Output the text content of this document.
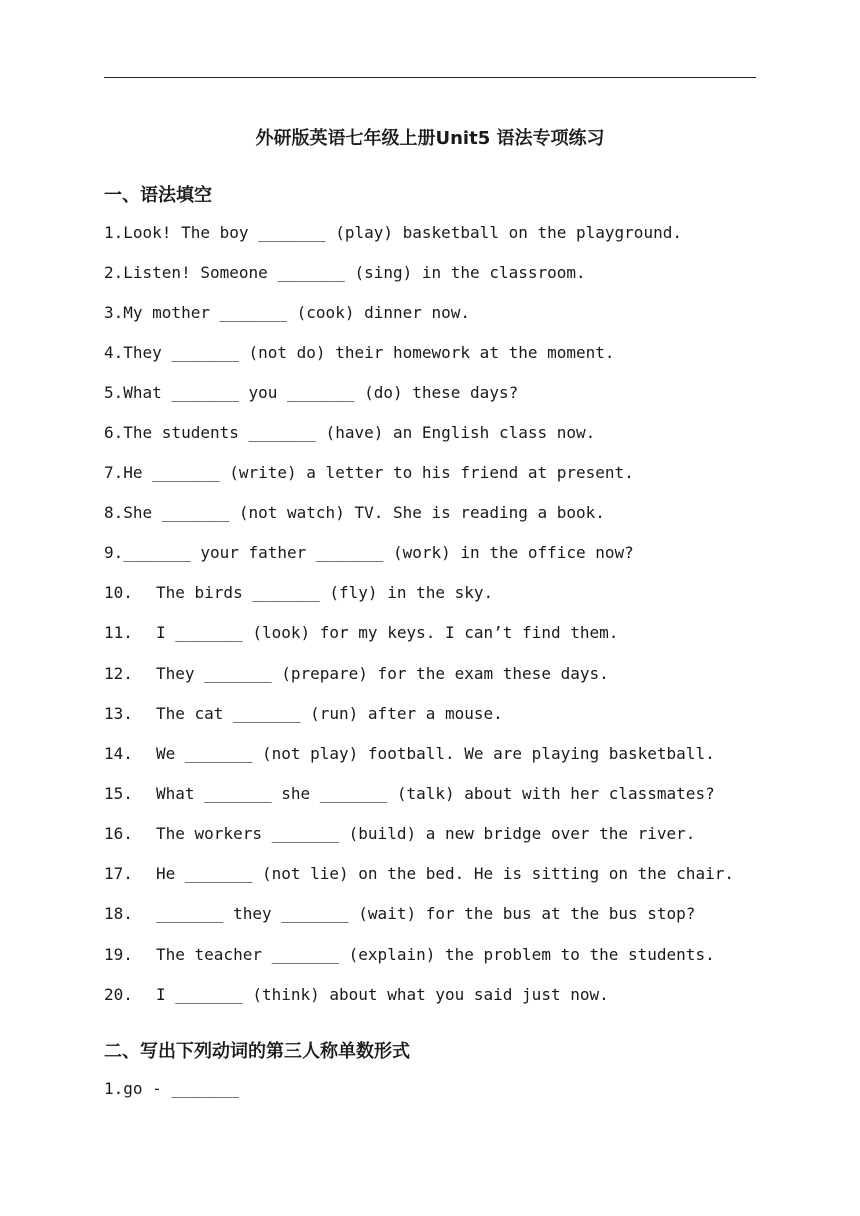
外研版英语七年级上册Unit5 语法专项练习
一、语法填空
1. Look! The boy _______ (play) basketball on the playground.
2. Listen! Someone _______ (sing) in the classroom.
3. My mother _______ (cook) dinner now.
4. They _______ (not do) their homework at the moment.
5. What _______ you _______ (do) these days?
6. The students _______ (have) an English class now.
7. He _______ (write) a letter to his friend at present.
8. She _______ (not watch) TV. She is reading a book.
9. _______ your father _______ (work) in the office now?
10.	The birds _______ (fly) in the sky.
11.	I _______ (look) for my keys. I can’t find them.
12.	They _______ (prepare) for the exam these days.
13.	The cat _______ (run) after a mouse.
14.	We _______ (not play) football. We are playing basketball.
15.	What _______ she _______ (talk) about with her classmates?
16.	The workers _______ (build) a new bridge over the river.
17.	He _______ (not lie) on the bed. He is sitting on the chair.
18.	_______ they _______ (wait) for the bus at the bus stop?
19.	The teacher _______ (explain) the problem to the students.
20.	I _______ (think) about what you said just now.
二、写出下列动词的第三人称单数形式
1. go - _______
